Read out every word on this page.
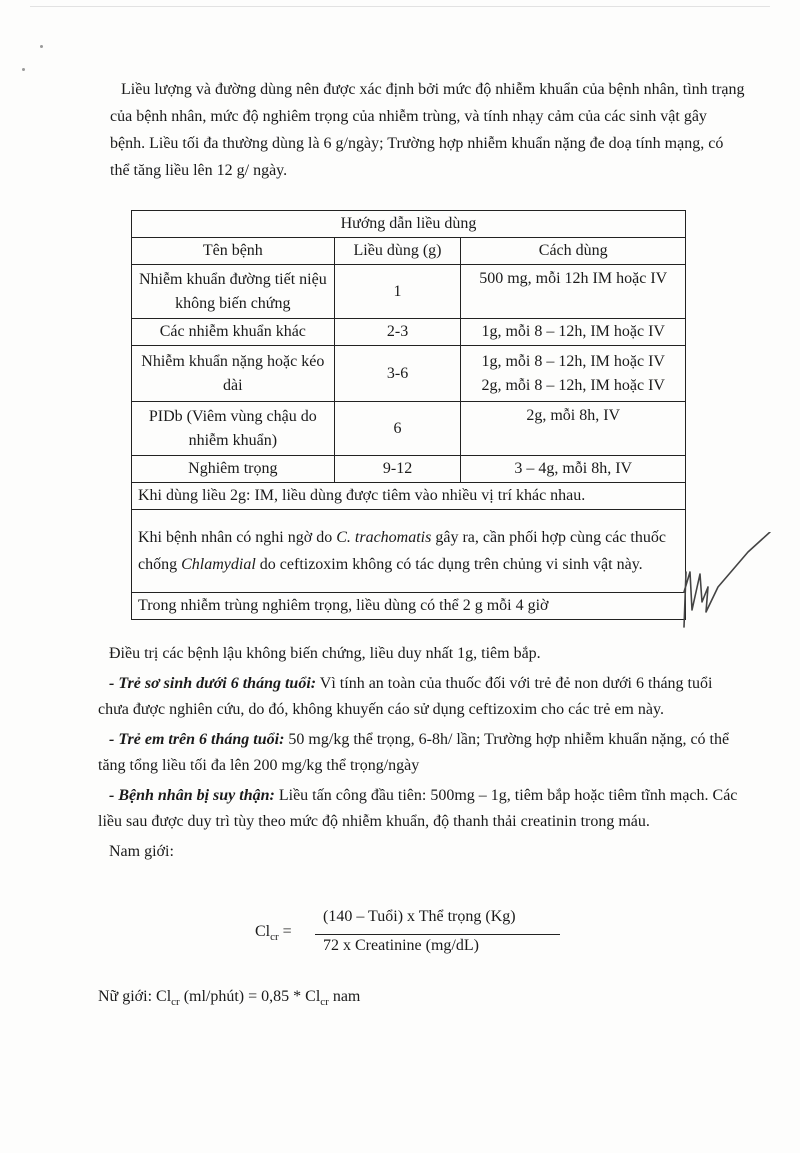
Liều lượng và đường dùng nên được xác định bởi mức độ nhiễm khuẩn của bệnh nhân, tình trạng của bệnh nhân, mức độ nghiêm trọng của nhiễm trùng, và tính nhạy cảm của các sinh vật gây bệnh. Liều tối đa thường dùng là 6 g/ngày; Trường hợp nhiễm khuẩn nặng đe doạ tính mạng, có thể tăng liều lên 12 g/ ngày.

Hướng dẫn liều dùng		
Tên bệnh	Liều dùng (g)	Cách dùng
Nhiễm khuẩn đường tiết niệu không biến chứng	1	500 mg, mỗi 12h IM hoặc IV

Các nhiễm khuẩn khác	2-3	1g, mỗi 8 – 12h, IM hoặc IV

Nhiễm khuẩn nặng hoặc kéo dài	3-6	1g, mỗi 8 – 12h, IM hoặc IV
2g, mỗi 8 – 12h, IM hoặc IV

PIDb (Viêm vùng chậu do nhiễm khuẩn)	6	2g, mỗi 8h, IV

Nghiêm trọng	9-12	3 – 4g, mỗi 8h, IV

Khi dùng liều 2g: IM, liều dùng được tiêm vào nhiều vị trí khác nhau.		
Khi bệnh nhân có nghi ngờ do C. trachomatis gây ra, cần phối hợp cùng các thuốc chống Chlamydial do ceftizoxim không có tác dụng trên chủng vi sinh vật này.		
Trong nhiễm trùng nghiêm trọng, liều dùng có thể 2 g mỗi 4 giờ		

Điều trị các bệnh lậu không biến chứng, liều duy nhất 1g, tiêm bắp.

- Trẻ sơ sinh dưới 6 tháng tuổi: Vì tính an toàn của thuốc đối với trẻ đẻ non dưới 6 tháng tuổi chưa được nghiên cứu, do đó, không khuyến cáo sử dụng ceftizoxim cho các trẻ em này.

- Trẻ em trên 6 tháng tuổi: 50 mg/kg thể trọng, 6-8h/ lần; Trường hợp nhiễm khuẩn nặng, có thể tăng tổng liều tối đa lên 200 mg/kg thể trọng/ngày

- Bệnh nhân bị suy thận: Liều tấn công đầu tiên: 500mg – 1g, tiêm bắp hoặc tiêm tĩnh mạch. Các liều sau được duy trì tùy theo mức độ nhiễm khuẩn, độ thanh thải creatinin trong máu.

Nam giới:

$Cl_{cr}$ =
(140 – Tuổi) x Thể trọng (Kg)
72 x Creatinine (mg/dL)
Nữ giới: $Cl_{cr}$ (ml/phút) = $0,85 * Cl_{cr}$ nam
